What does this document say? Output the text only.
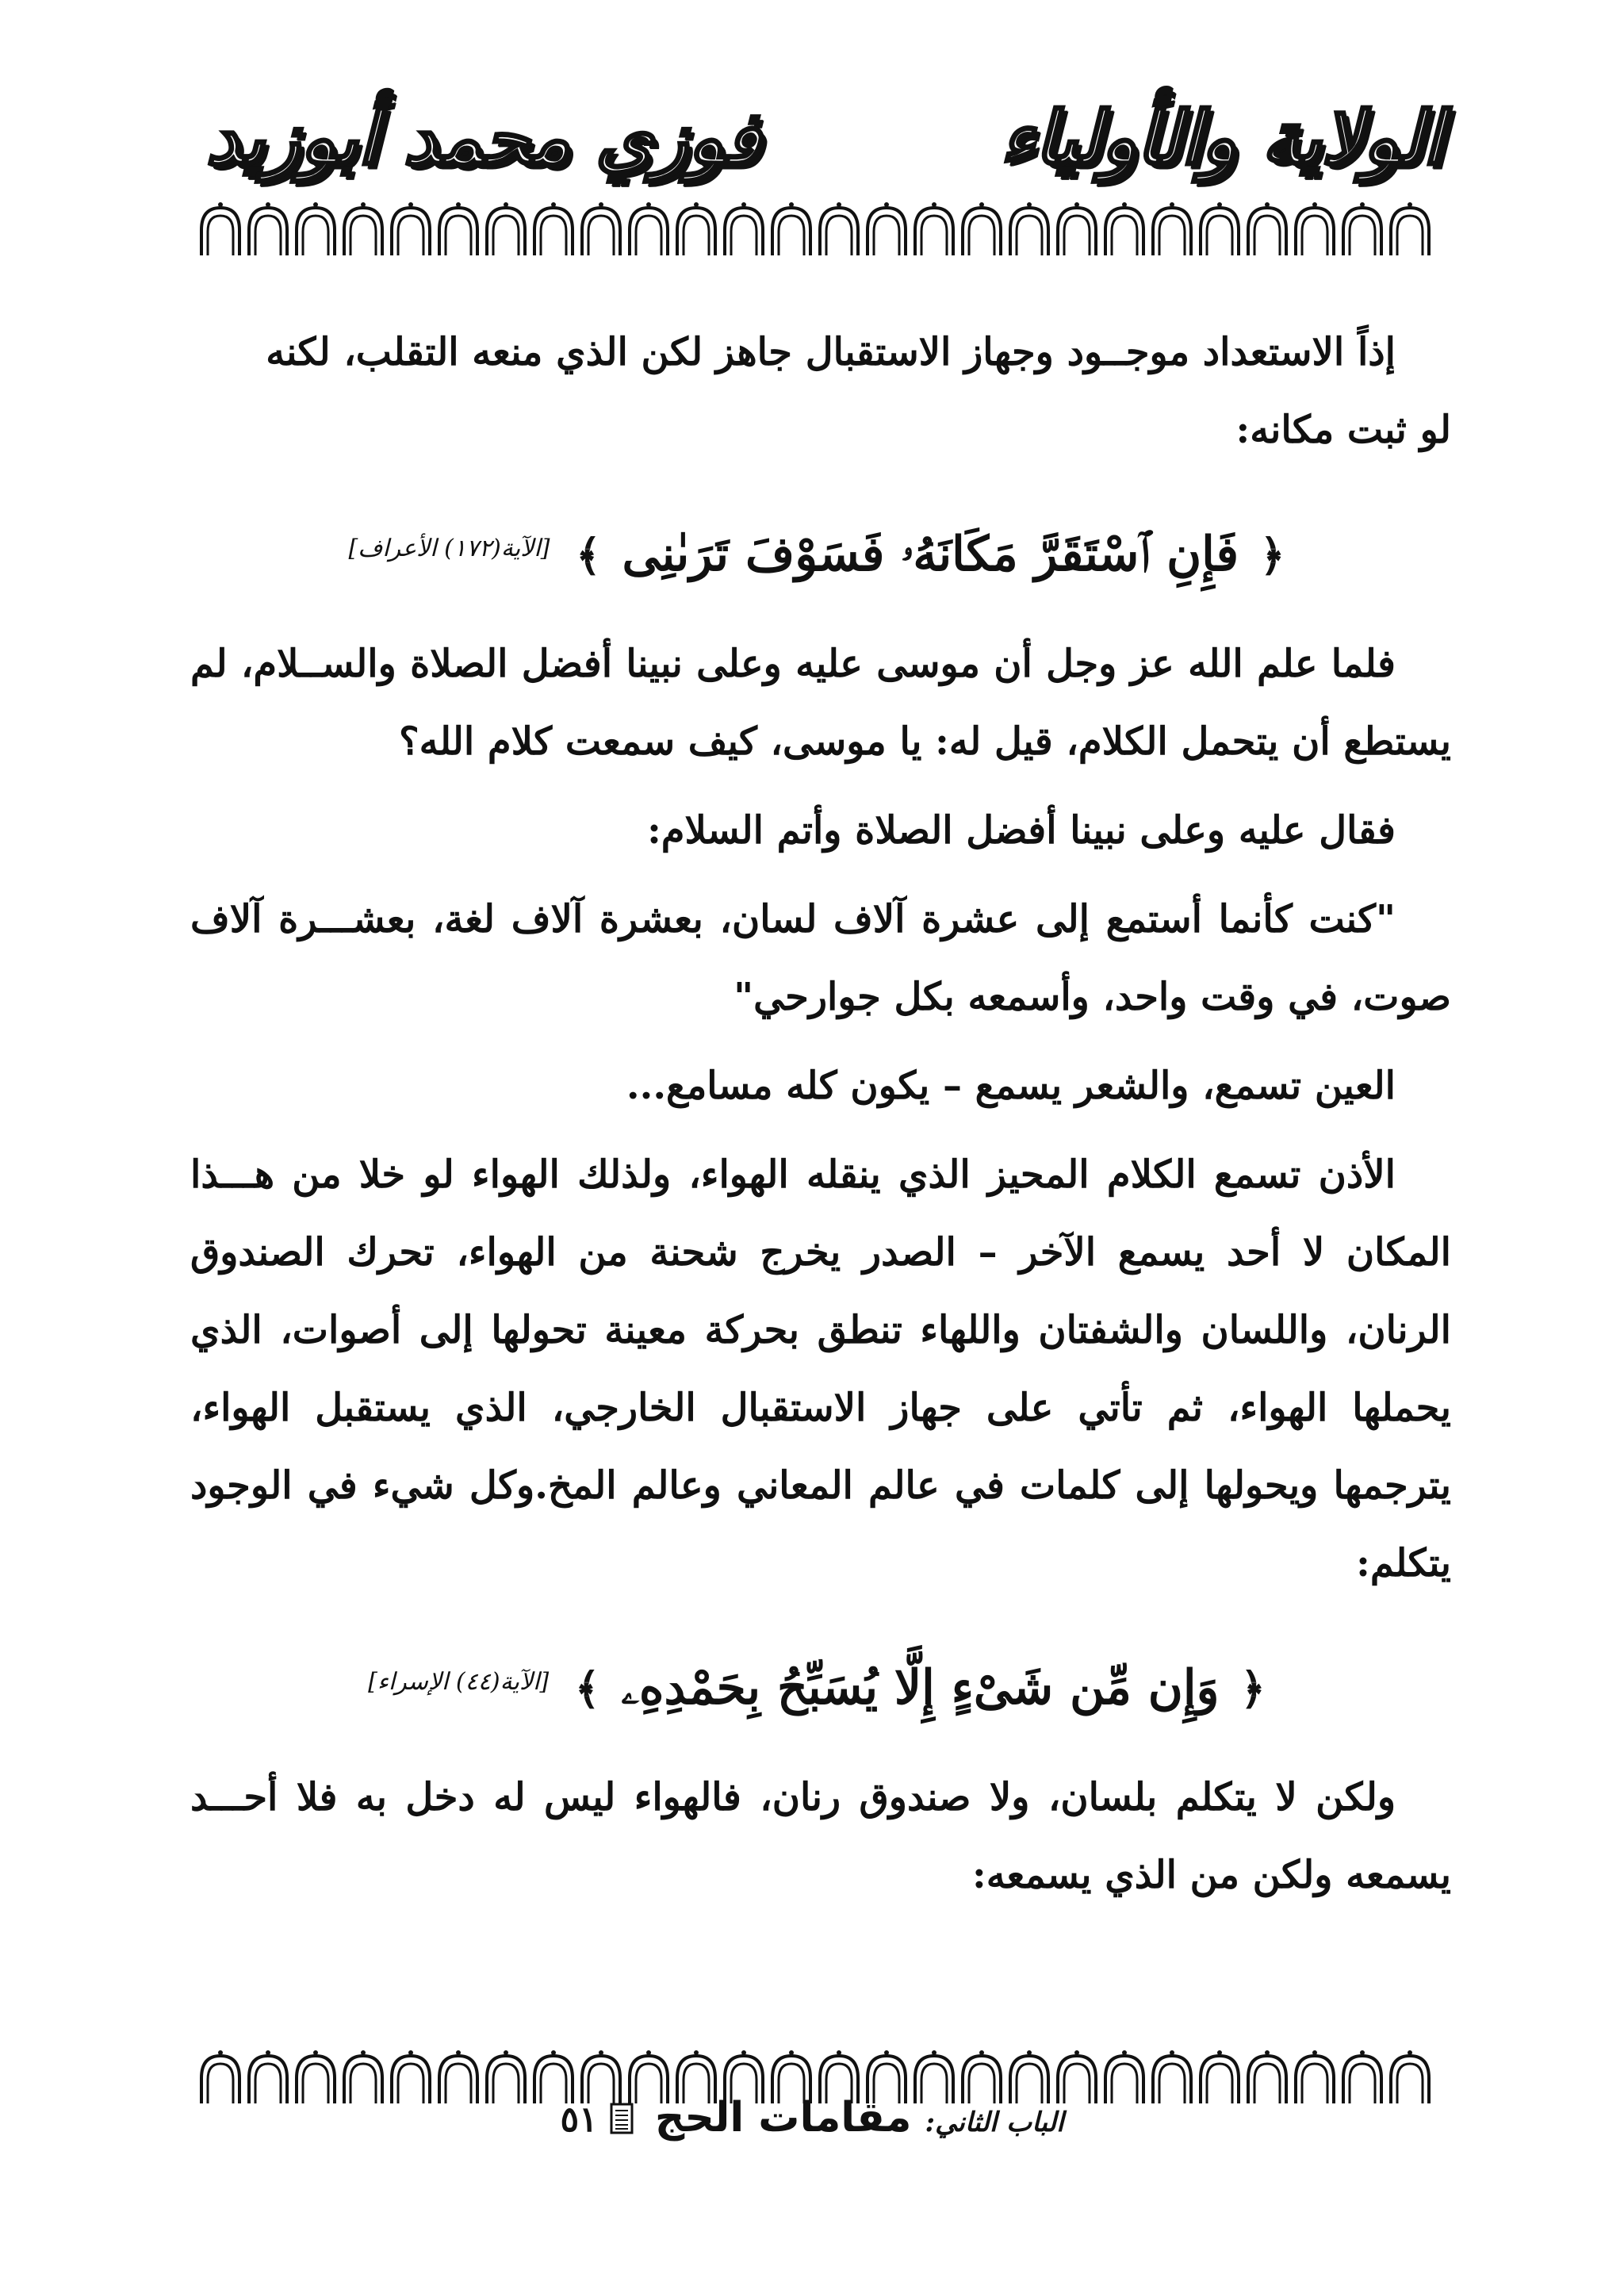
الولاية والأولياء
فوزي محمد أبوزيد

إذاً الاستعداد موجــود وجهاز الاستقبال جاهز لكن الذي منعه التقلب، لكنه

لو ثبت مكانه:

﴿ فَإِنِ ٱسْتَقَرَّ مَكَانَهُۥ فَسَوْفَ تَرَىٰنِى ﴾ [الآية(١٧٢) الأعراف]

فلما علم الله عز وجل أن موسى عليه وعلى نبينا أفضل الصلاة والســلام، لم يستطع أن يتحمل الكلام، قيل له: يا موسى، كيف سمعت كلام الله؟

فقال عليه وعلى نبينا أفضل الصلاة وأتم السلام:

"كنت كأنما أستمع إلى عشرة آلاف لسان، بعشرة آلاف لغة، بعشـــرة آلاف صوت، في وقت واحد، وأسمعه بكل جوارحي"

العين تسمع، والشعر يسمع – يكون كله مسامع...

الأذن تسمع الكلام المحيز الذي ينقله الهواء، ولذلك الهواء لو خلا من هـــذا المكان لا أحد يسمع الآخر – الصدر يخرج شحنة من الهواء، تحرك الصندوق الرنان، واللسان والشفتان واللهاء تنطق بحركة معينة تحولها إلى أصوات، الذي يحملها الهواء، ثم تأتي على جهاز الاستقبال الخارجي، الذي يستقبل الهواء، يترجمها ويحولها إلى كلمات في عالم المعاني وعالم المخ.وكل شيء في الوجود يتكلم:

﴿ وَإِن مِّن شَىْءٍ إِلَّا يُسَبِّحُ بِحَمْدِهِۦ ﴾ [الآية(٤٤) الإسراء]

ولكن لا يتكلم بلسان، ولا صندوق رنان، فالهواء ليس له دخل به فلا أحـــد يسمعه ولكن من الذي يسمعه:

الباب الثاني: مقامات الحج  ٥١
